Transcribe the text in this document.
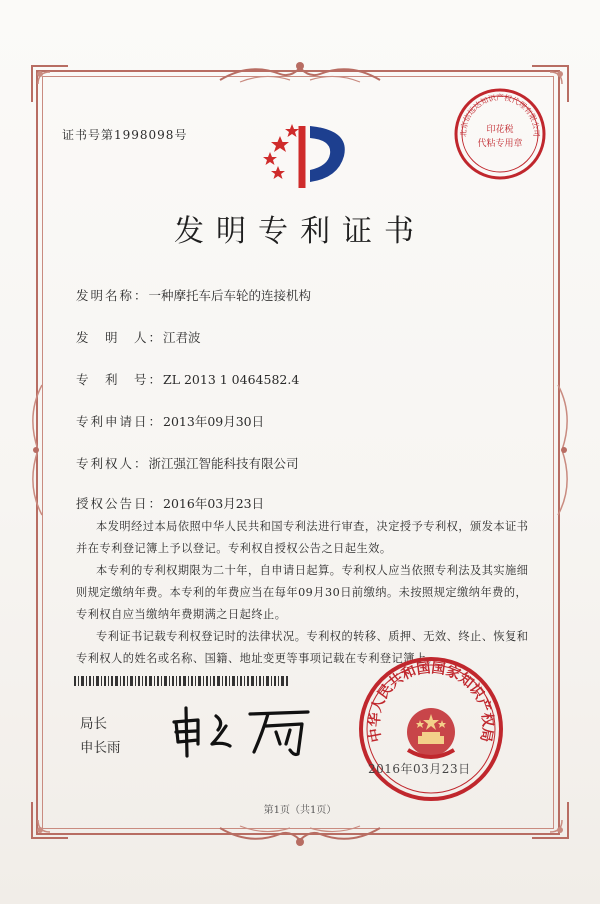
证书号第1998098号	印花税
代粘专用章
北京信远达知识产权代理有限公司
发明专利证书
发明名称：一种摩托车后车轮的连接机构
发　明　人：江君波
专　利　号：ZL 2013 1 0464582.4
专利申请日：2013年09月30日
专利权人：浙江强江智能科技有限公司
授权公告日：2016年03月23日
本发明经过本局依照中华人民共和国专利法进行审查，决定授予专利权，颁发本证书
并在专利登记簿上予以登记。专利权自授权公告之日起生效。
本专利的专利权期限为二十年，自申请日起算。专利权人应当依照专利法及其实施细
则规定缴纳年费。本专利的年费应当在每年09月30日前缴纳。未按照规定缴纳年费的，
专利权自应当缴纳年费期满之日起终止。
专利证书记载专利权登记时的法律状况。专利权的转移、质押、无效、终止、恢复和
专利权人的姓名或名称、国籍、地址变更等事项记载在专利登记簿上。
局长
申长雨
中华人民共和国国家知识产权局
2016年03月23日
第1页（共1页）
